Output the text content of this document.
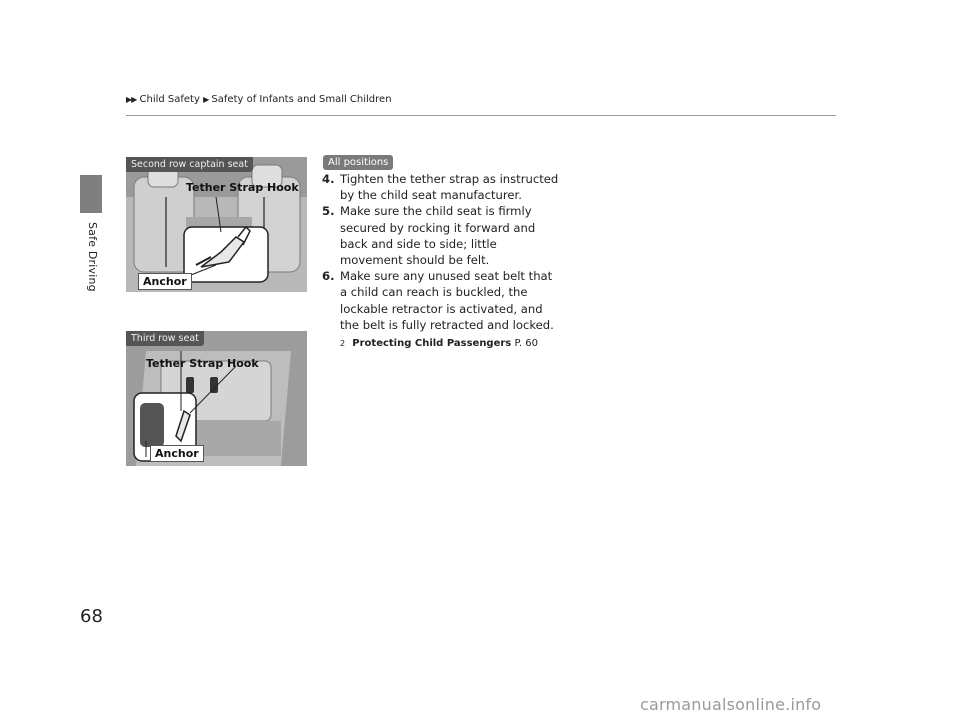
Safe Driving
▶▶ Child Safety ▶ Safety of Infants and Small Children
Second row captain seat
Tether Strap Hook
Anchor
Third row seat
Tether Strap Hook
Anchor
All positions

4. Tighten the tether strap as instructed by the child seat manufacturer.

5. Make sure the child seat is firmly secured by rocking it forward and back and side to side; little movement should be felt.

6. Make sure any unused seat belt that a child can reach is buckled, the lockable retractor is activated, and the belt is fully retracted and locked.

2 Protecting Child Passengers P. 60
68
carmanualsonline.info
